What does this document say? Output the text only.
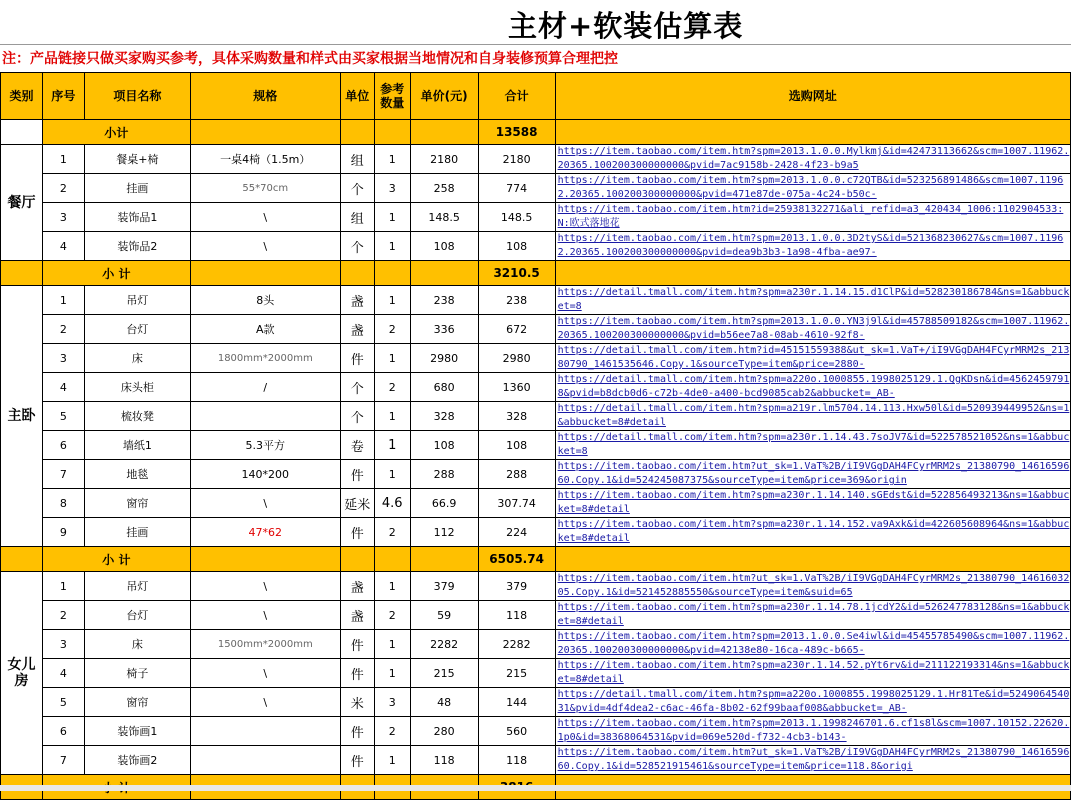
主材+软装估算表
注：产品链接只做买家购买参考，具体采购数量和样式由买家根据当地情况和自身装修预算合理把控
类别	序号	项目名称	规格	单位	参考数量	单价(元)	合计	选购网址
	小计						13588	
餐厅	1	餐桌+椅	一桌4椅（1.5m）	组	1	2180	2180	https://item.taobao.com/item.htm?spm=2013.1.0.0.Mylkmj&id=42473113662&scm=1007.11962.20365.100200300000000&pvid=7ac9158b-2428-4f23-b9a5
	2	挂画	55*70cm	个	3	258	774	https://item.taobao.com/item.htm?spm=2013.1.0.0.c72QTB&id=523256891486&scm=1007.11962.20365.100200300000000&pvid=471e87de-075a-4c24-b50c-
	3	装饰品1	\	组	1	148.5	148.5	https://item.taobao.com/item.htm?id=25938132271&ali_refid=a3_420434_1006:1102904533:N:欧式落地花
	4	装饰品2	\	个	1	108	108	https://item.taobao.com/item.htm?spm=2013.1.0.0.3D2tyS&id=521368230627&scm=1007.11962.20365.100200300000000&pvid=dea9b3b3-1a98-4fba-ae97-
	小 计						3210.5	
主卧	1	吊灯	8头	盏	1	238	238	https://detail.tmall.com/item.htm?spm=a230r.1.14.15.d1ClP&id=528230186784&ns=1&abbucket=8
	2	台灯	A款	盏	2	336	672	https://item.taobao.com/item.htm?spm=2013.1.0.0.YN3j9l&id=45788509182&scm=1007.11962.20365.100200300000000&pvid=b56ee7a8-08ab-4610-92f8-
	3	床	1800mm*2000mm	件	1	2980	2980	https://detail.tmall.com/item.htm?id=45151559388&ut_sk=1.VaT+/iI9VGgDAH4FCyrMRM2s_21380790_1461535646.Copy.1&sourceType=item&price=2880-
	4	床头柜	/	个	2	680	1360	https://detail.tmall.com/item.htm?spm=a220o.1000855.1998025129.1.QgKDsn&id=45624597918&pvid=b8dcb0d6-c72b-4de0-a400-bcd9085cab2&abbucket=_AB-
	5	梳妆凳		个	1	328	328	https://detail.tmall.com/item.htm?spm=a219r.lm5704.14.113.Hxw50l&id=520939449952&ns=1&abbucket=8#detail
	6	墙纸1	5.3平方	卷	1	108	108	https://detail.tmall.com/item.htm?spm=a230r.1.14.43.7soJV7&id=522578521052&ns=1&abbucket=8
	7	地毯	140*200	件	1	288	288	https://item.taobao.com/item.htm?ut_sk=1.VaT%2B/iI9VGgDAH4FCyrMRM2s_21380790_1461659660.Copy.1&id=524245087375&sourceType=item&price=369&origin
	8	窗帘	\	延米	4.6	66.9	307.74	https://item.taobao.com/item.htm?spm=a230r.1.14.140.sGEdst&id=522856493213&ns=1&abbucket=8#detail
	9	挂画	47*62	件	2	112	224	https://item.taobao.com/item.htm?spm=a230r.1.14.152.va9Axk&id=422605608964&ns=1&abbucket=8#detail
	小 计						6505.74	
女儿房	1	吊灯	\	盏	1	379	379	https://item.taobao.com/item.htm?ut_sk=1.VaT%2B/iI9VGgDAH4FCyrMRM2s_21380790_1461603205.Copy.1&id=521452885550&sourceType=item&suid=65
	2	台灯	\	盏	2	59	118	https://item.taobao.com/item.htm?spm=a230r.1.14.78.1jcdY2&id=526247783128&ns=1&abbucket=8#detail
	3	床	1500mm*2000mm	件	1	2282	2282	https://item.taobao.com/item.htm?spm=2013.1.0.0.Se4iwl&id=45455785490&scm=1007.11962.20365.100200300000000&pvid=42138e80-16ca-489c-b665-
	4	椅子	\	件	1	215	215	https://item.taobao.com/item.htm?spm=a230r.1.14.52.pYt6rv&id=211122193314&ns=1&abbucket=8#detail
	5	窗帘	\	米	3	48	144	https://detail.tmall.com/item.htm?spm=a220o.1000855.1998025129.1.Hr81Te&id=524906454031&pvid=4df4dea2-c6ac-46fa-8b02-62f99baaf008&abbucket=_AB-
	6	装饰画1		件	2	280	560	https://item.taobao.com/item.htm?spm=2013.1.1998246701.6.cf1s8l&scm=1007.10152.22620.1p0&id=38368064531&pvid=069e520d-f732-4cb3-b143-
	7	装饰画2		件	1	118	118	https://item.taobao.com/item.htm?ut_sk=1.VaT%2B/iI9VGgDAH4FCyrMRM2s_21380790_1461659660.Copy.1&id=528521915461&sourceType=item&price=118.8&origi
